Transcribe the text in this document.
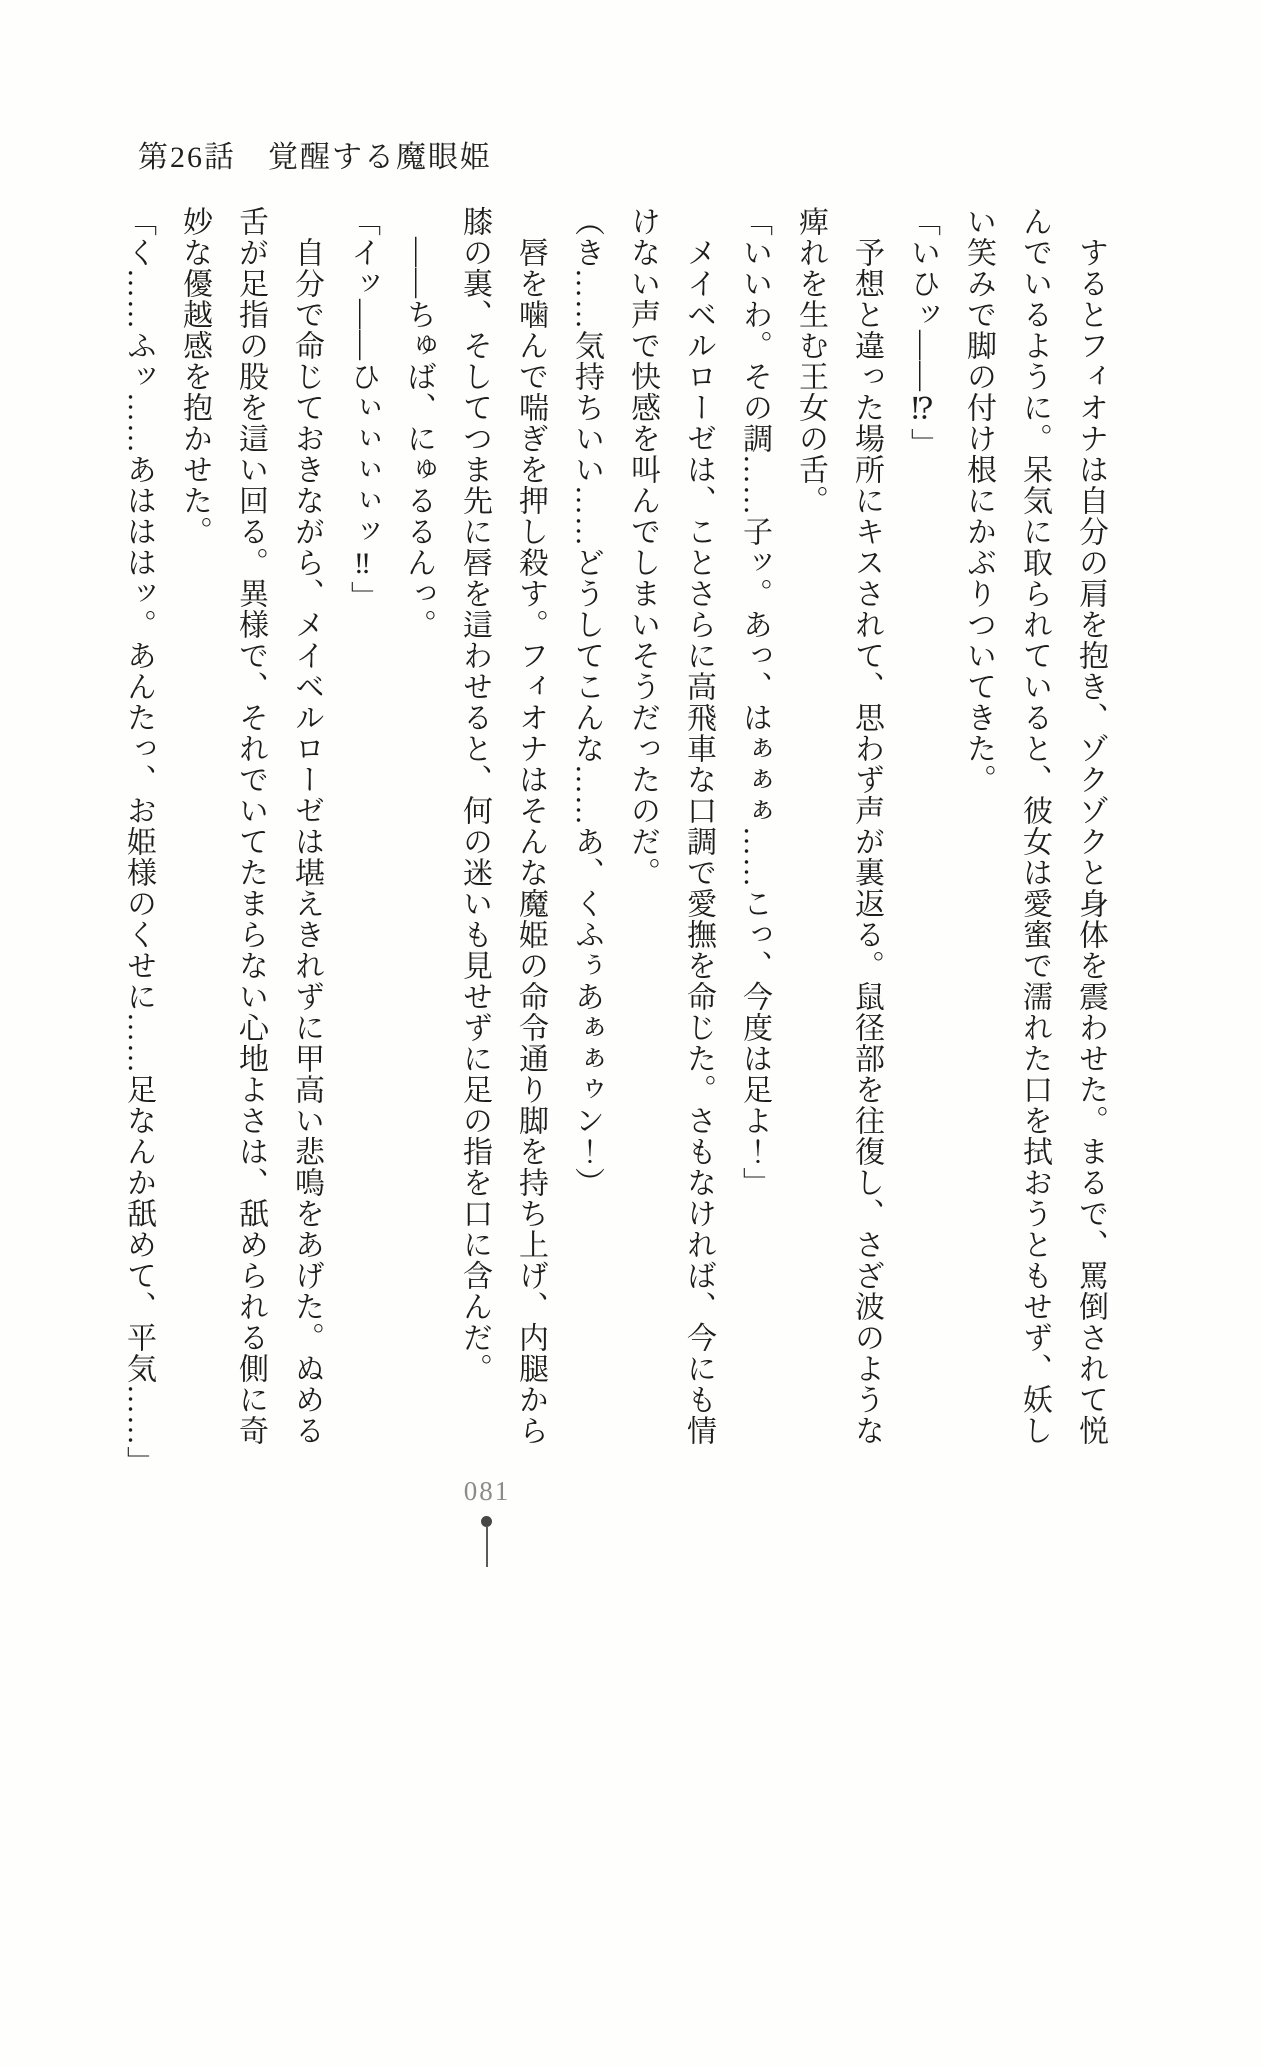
第26話　覚醒する魔眼姫

するとフィオナは自分の肩を抱き、ゾクゾクと身体を震わせた。まるで、罵倒されて悦

んでいるように。呆気に取られていると、彼女は愛蜜で濡れた口を拭おうともせず、妖し

い笑みで脚の付け根にかぶりついてきた。

「いひッ――⁉」

予想と違った場所にキスされて、思わず声が裏返る。鼠径部を往復し、さざ波のような

痺れを生む王女の舌。

「いいわ。その調……子ッ。あっ、はぁぁぁ……こっ、今度は足よ！」

メイベルローゼは、ことさらに高飛車な口調で愛撫を命じた。さもなければ、今にも情

けない声で快感を叫んでしまいそうだったのだ。

（き……気持ちいい……どうしてこんな……あ、くふぅあぁぁゥン！）

唇を噛んで喘ぎを押し殺す。フィオナはそんな魔姫の命令通り脚を持ち上げ、内腿から

膝の裏、そしてつま先に唇を這わせると、何の迷いも見せずに足の指を口に含んだ。

――ちゅば、にゅるるんっ。

「イッ――ひぃぃぃぃッ‼」

自分で命じておきながら、メイベルローゼは堪えきれずに甲高い悲鳴をあげた。ぬめる

舌が足指の股を這い回る。異様で、それでいてたまらない心地よさは、舐められる側に奇

妙な優越感を抱かせた。

「く……ふッ……あはははッ。あんたっ、お姫様のくせに……足なんか舐めて、平気……」

081
